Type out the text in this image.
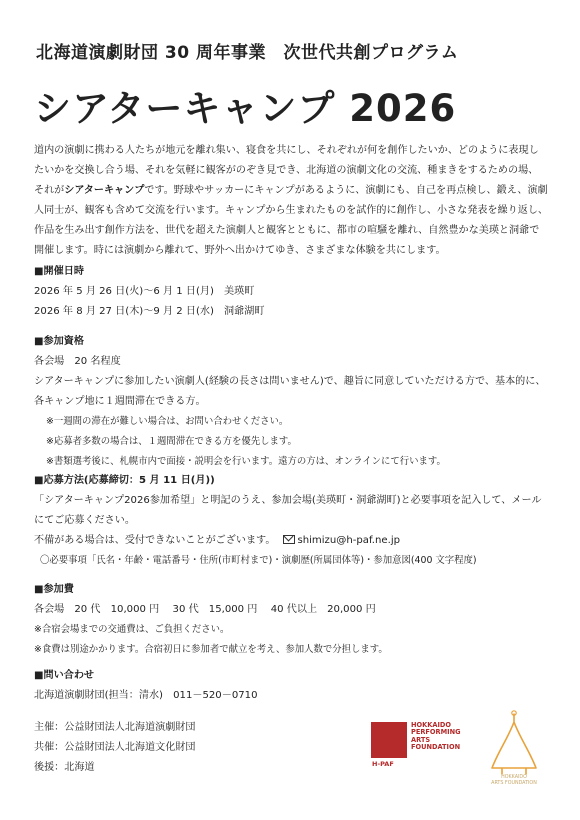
北海道演劇財団 30 周年事業　次世代共創プログラム
シアターキャンプ 2026

道内の演劇に携わる人たちが地元を離れ集い、寝食を共にし、それぞれが何を創作したいか、どのように表現したいかを交換し合う場、それを気軽に観客がのぞき見でき、北海道の演劇文化の交流、種まきをするための場、それがシアターキャンプです。野球やサッカーにキャンプがあるように、演劇にも、自己を再点検し、鍛え、演劇人同士が、観客も含めて交流を行います。キャンプから生まれたものを試作的に創作し、小さな発表を繰り返し、作品を生み出す創作方法を、世代を超えた演劇人と観客とともに、都市の喧騒を離れ、自然豊かな美瑛と洞爺で開催します。時には演劇から離れて、野外へ出かけてゆき、さまざまな体験を共にします。

■開催日時

2026 年 5 月 26 日(火)～6 月 1 日(月)　美瑛町

2026 年 8 月 27 日(木)～9 月 2 日(水)　洞爺湖町

■参加資格

各会場　20 名程度

シアターキャンプに参加したい演劇人(経験の長さは問いません)で、趣旨に同意していただける方で、基本的に、各キャンプ地に１週間滞在できる方。

※一週間の滞在が難しい場合は、お問い合わせください。

※応募者多数の場合は、１週間滞在できる方を優先します。

※書類選考後に、札幌市内で面接・説明会を行います。遠方の方は、オンラインにて行います。

■応募方法(応募締切：5 月 11 日(月))

「シアターキャンプ2026参加希望」と明記のうえ、参加会場(美瑛町・洞爺湖町)と必要事項を記入して、メールにてご応募ください。

不備がある場合は、受付できないことがございます。 shimizu@h-paf.ne.jp

〇必要事項「氏名・年齢・電話番号・住所(市町村まで)・演劇歴(所属団体等)・参加意図(400 文字程度)

■参加費

各会場　20 代　10,000 円　 30 代　15,000 円　 40 代以上　20,000 円

※合宿会場までの交通費は、ご負担ください。

※食費は別途かかります。合宿初日に参加者で献立を考え、参加人数で分担します。

■問い合わせ

北海道演劇財団(担当：清水)　011－520－0710

主催：公益財団法人北海道演劇財団

共催：公益財団法人北海道文化財団

後援：北海道	H-PAF
HOKKAIDO
PERFORMING
ARTS
FOUNDATION
HOKKAIDO
ARTS FOUNDATION
